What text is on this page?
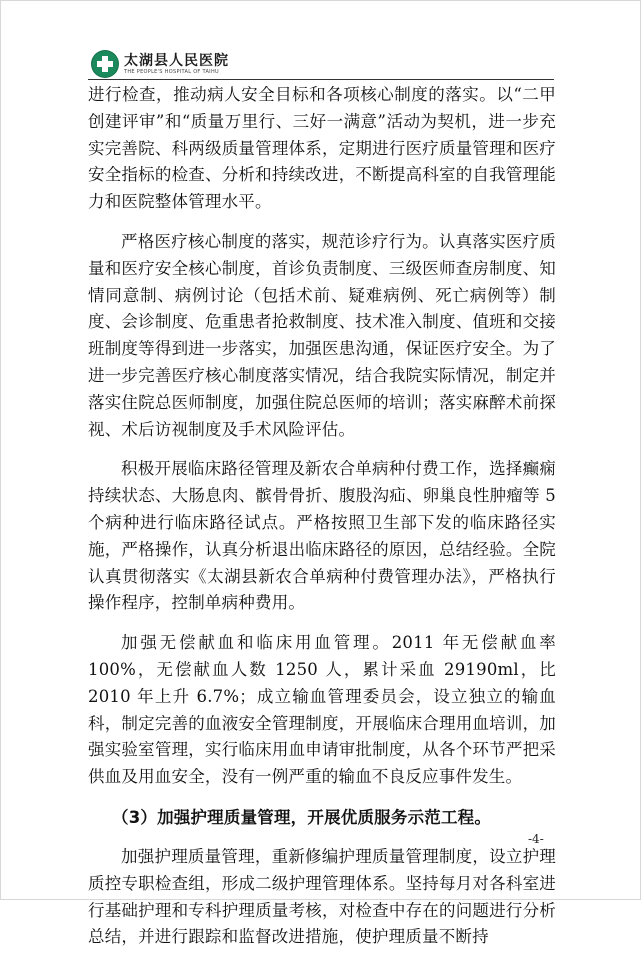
太湖县人民医院
THE PEOPLE'S HOSPITAL OF TAIHU

进行检查，推动病人安全目标和各项核心制度的落实。以“二甲创建评审”和“质量万里行、三好一满意”活动为契机，进一步充实完善院、科两级质量管理体系，定期进行医疗质量管理和医疗安全指标的检查、分析和持续改进，不断提高科室的自我管理能力和医院整体管理水平。

严格医疗核心制度的落实，规范诊疗行为。认真落实医疗质量和医疗安全核心制度，首诊负责制度、三级医师查房制度、知情同意制、病例讨论（包括术前、疑难病例、死亡病例等）制度、会诊制度、危重患者抢救制度、技术准入制度、值班和交接班制度等得到进一步落实，加强医患沟通，保证医疗安全。为了进一步完善医疗核心制度落实情况，结合我院实际情况，制定并落实住院总医师制度，加强住院总医师的培训；落实麻醉术前探视、术后访视制度及手术风险评估。

积极开展临床路径管理及新农合单病种付费工作，选择癫痫持续状态、大肠息肉、髌骨骨折、腹股沟疝、卵巢良性肿瘤等 5 个病种进行临床路径试点。严格按照卫生部下发的临床路径实施，严格操作，认真分析退出临床路径的原因，总结经验。全院认真贯彻落实《太湖县新农合单病种付费管理办法》，严格执行操作程序，控制单病种费用。

加强无偿献血和临床用血管理。2011 年无偿献血率 100%，无偿献血人数 1250 人，累计采血 29190ml，比 2010 年上升 6.7%；成立输血管理委员会，设立独立的输血科，制定完善的血液安全管理制度，开展临床合理用血培训，加强实验室管理，实行临床用血申请审批制度，从各个环节严把采供血及用血安全，没有一例严重的输血不良反应事件发生。

（3）加强护理质量管理，开展优质服务示范工程。

加强护理质量管理，重新修编护理质量管理制度，设立护理质控专职检查组，形成二级护理管理体系。坚持每月对各科室进行基础护理和专科护理质量考核，对检查中存在的问题进行分析总结，并进行跟踪和监督改进措施，使护理质量不断持

-4-
